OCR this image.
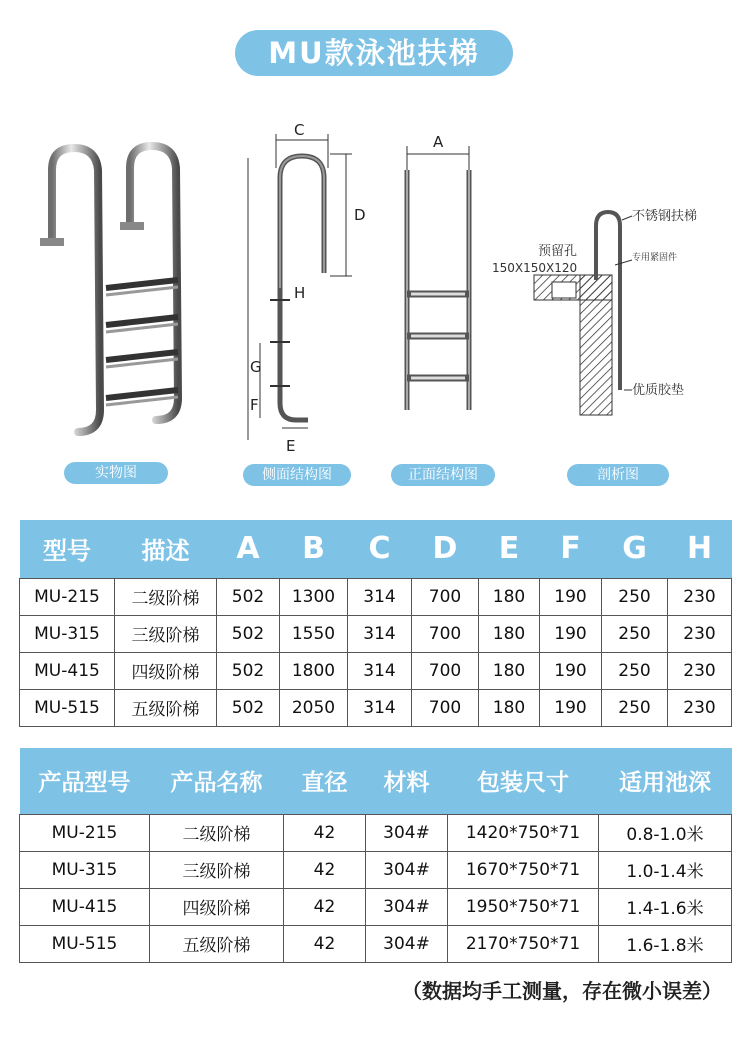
MU款泳池扶梯
实物图
C
D
H
G
F
E
侧面结构图
A
正面结构图
不锈钢扶梯
预留孔
150X150X120
专用紧固件
优质胶垫
剖析图
型号	描述	A	B	C	D	E	F	G	H
MU-215	二级阶梯	502	1300	314	700	180	190	250	230
MU-315	三级阶梯	502	1550	314	700	180	190	250	230
MU-415	四级阶梯	502	1800	314	700	180	190	250	230
MU-515	五级阶梯	502	2050	314	700	180	190	250	230
产品型号	产品名称	直径	材料	包装尺寸	适用池深
MU-215	二级阶梯	42	304#	1420*750*71	0.8-1.0米
MU-315	三级阶梯	42	304#	1670*750*71	1.0-1.4米
MU-415	四级阶梯	42	304#	1950*750*71	1.4-1.6米
MU-515	五级阶梯	42	304#	2170*750*71	1.6-1.8米
（数据均手工测量，存在微小误差）
